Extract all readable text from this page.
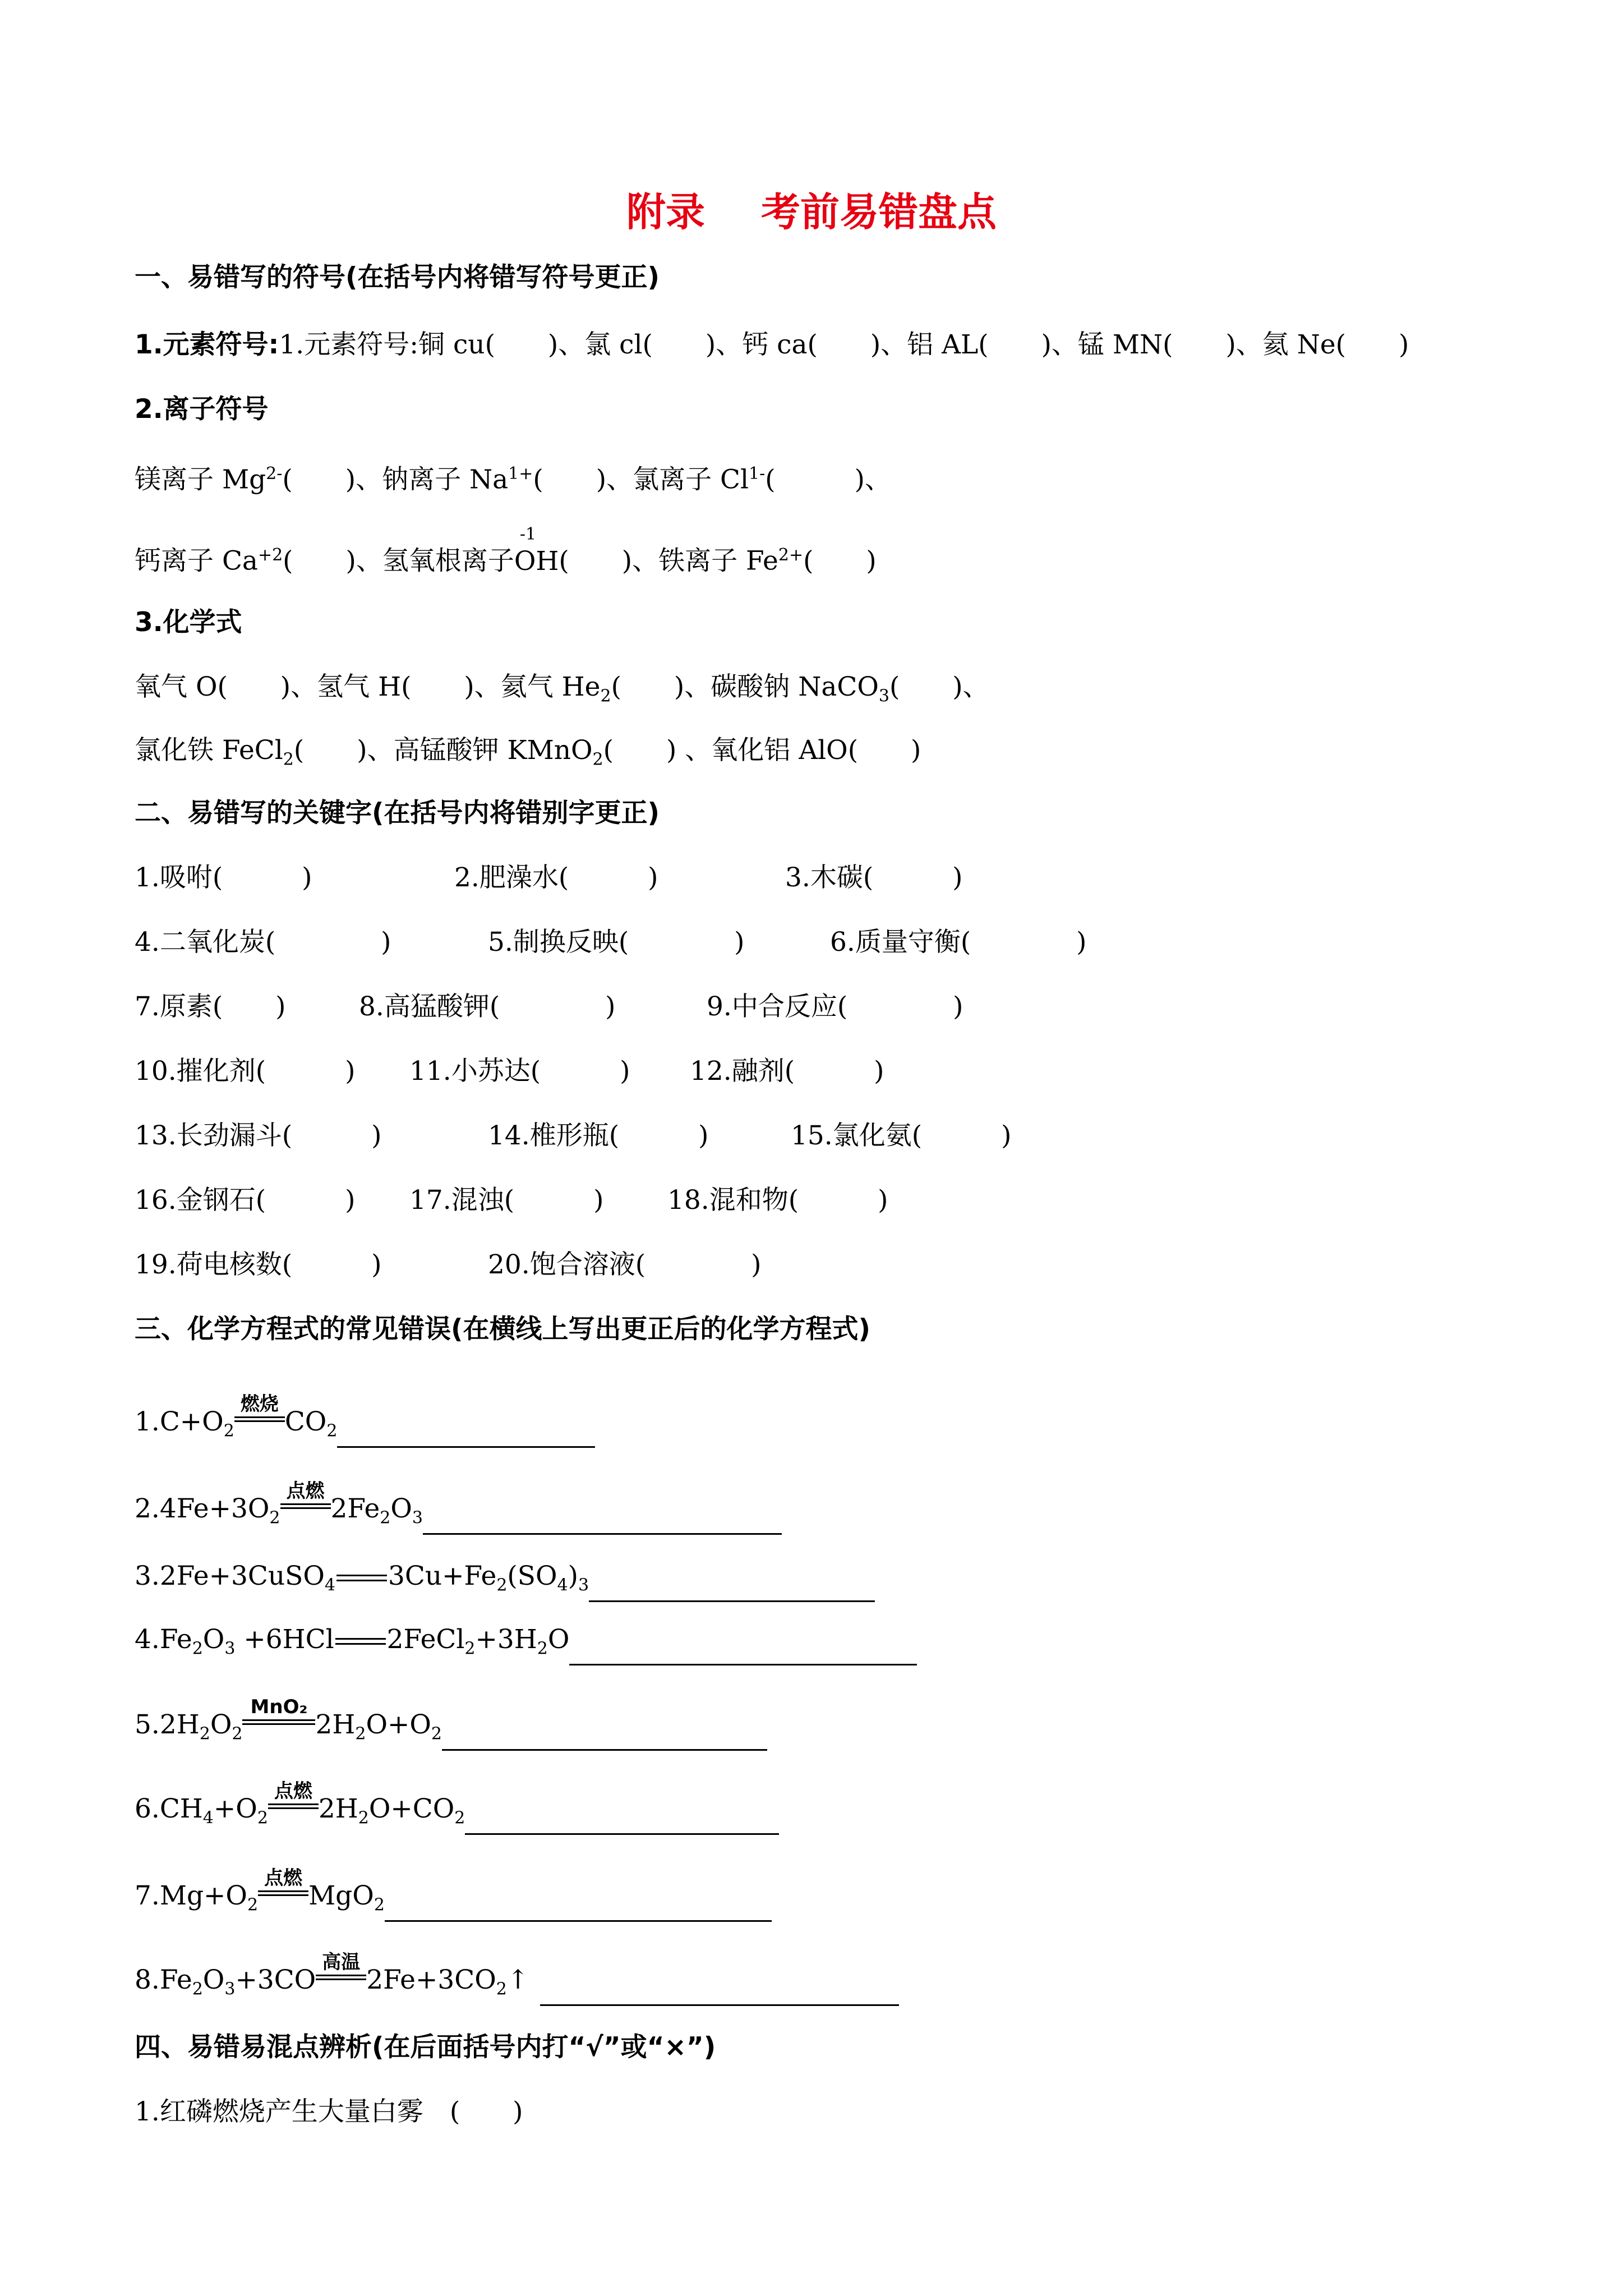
附录 考前易错盘点
一、易错写的符号(在括号内将错写符号更正)
1.元素符号:1.元素符号:铜 cu(　　)、氯 cl(　　)、钙 ca(　　)、铝 AL(　　)、锰 MN(　　)、氦 Ne(　　)
2.离子符号
镁离子 $Mg^{2-}$(　　)、钠离子 $Na^{1+}$(　　)、氯离子 $Cl^{1-}$(　　　)、
钙离子 $Ca^{+2}$(　　)、氢氧根离子
-1
OH(　　)、铁离子 $Fe^{2+}$(　　)
3.化学式
氧气 O(　　)、氢气 H(　　)、氦气 $He_2$(　　)、碳酸钠 NaCO$_3$(　　)、
氯化铁 FeCl$_2$(　　)、高锰酸钾 KMnO$_2$(　　) 、氧化铝 AlO(　　)
二、易错写的关键字(在括号内将错别字更正)
1.吸咐(　　　)	2.肥澡水(　　　)	3.木碳(　　　)
4.二氧化炭(　　　　)	5.制换反映(　　　　)	6.质量守衡(　　　　)
7.原素(　　)	8.高猛酸钾(　　　　)	9.中合反应(　　　　)
10.摧化剂(　　　) 11.小苏达(　　　) 12.融剂(　　　)
13.长劲漏斗(　　　)	14.椎形瓶(　　　)	15.氯化氨(　　　)
16.金钢石(　　　) 17.混浊(　　　) 18.混和物(　　　)
19.荷电核数(　　　)	20.饱合溶液(　　　　)
三、化学方程式的常见错误(在横线上写出更正后的化学方程式)
$1.C+O_2$
燃烧
$CO_2$
$2.4Fe+3O_2$
点燃
$2Fe_2O_3$
3.2Fe+3CuSO$_4$ $3Cu+Fe_2(SO_4)_3$
$4.Fe_2O_3 +6HCl$ $2FeCl_2+3H_2O$
$5.2H_2O_2$
MnO₂
$2H_2O+O_2$
$6.CH_4+O_2$
点燃
$2H_2O+CO_2$
$7.Mg+O_2$
点燃
MgO$_2$
$8.Fe_2O_3+3CO$
高温
$2Fe+3CO_2↑$
四、易错易混点辨析(在后面括号内打“√”或“×”)
1.红磷燃烧产生大量白雾　(　　)
